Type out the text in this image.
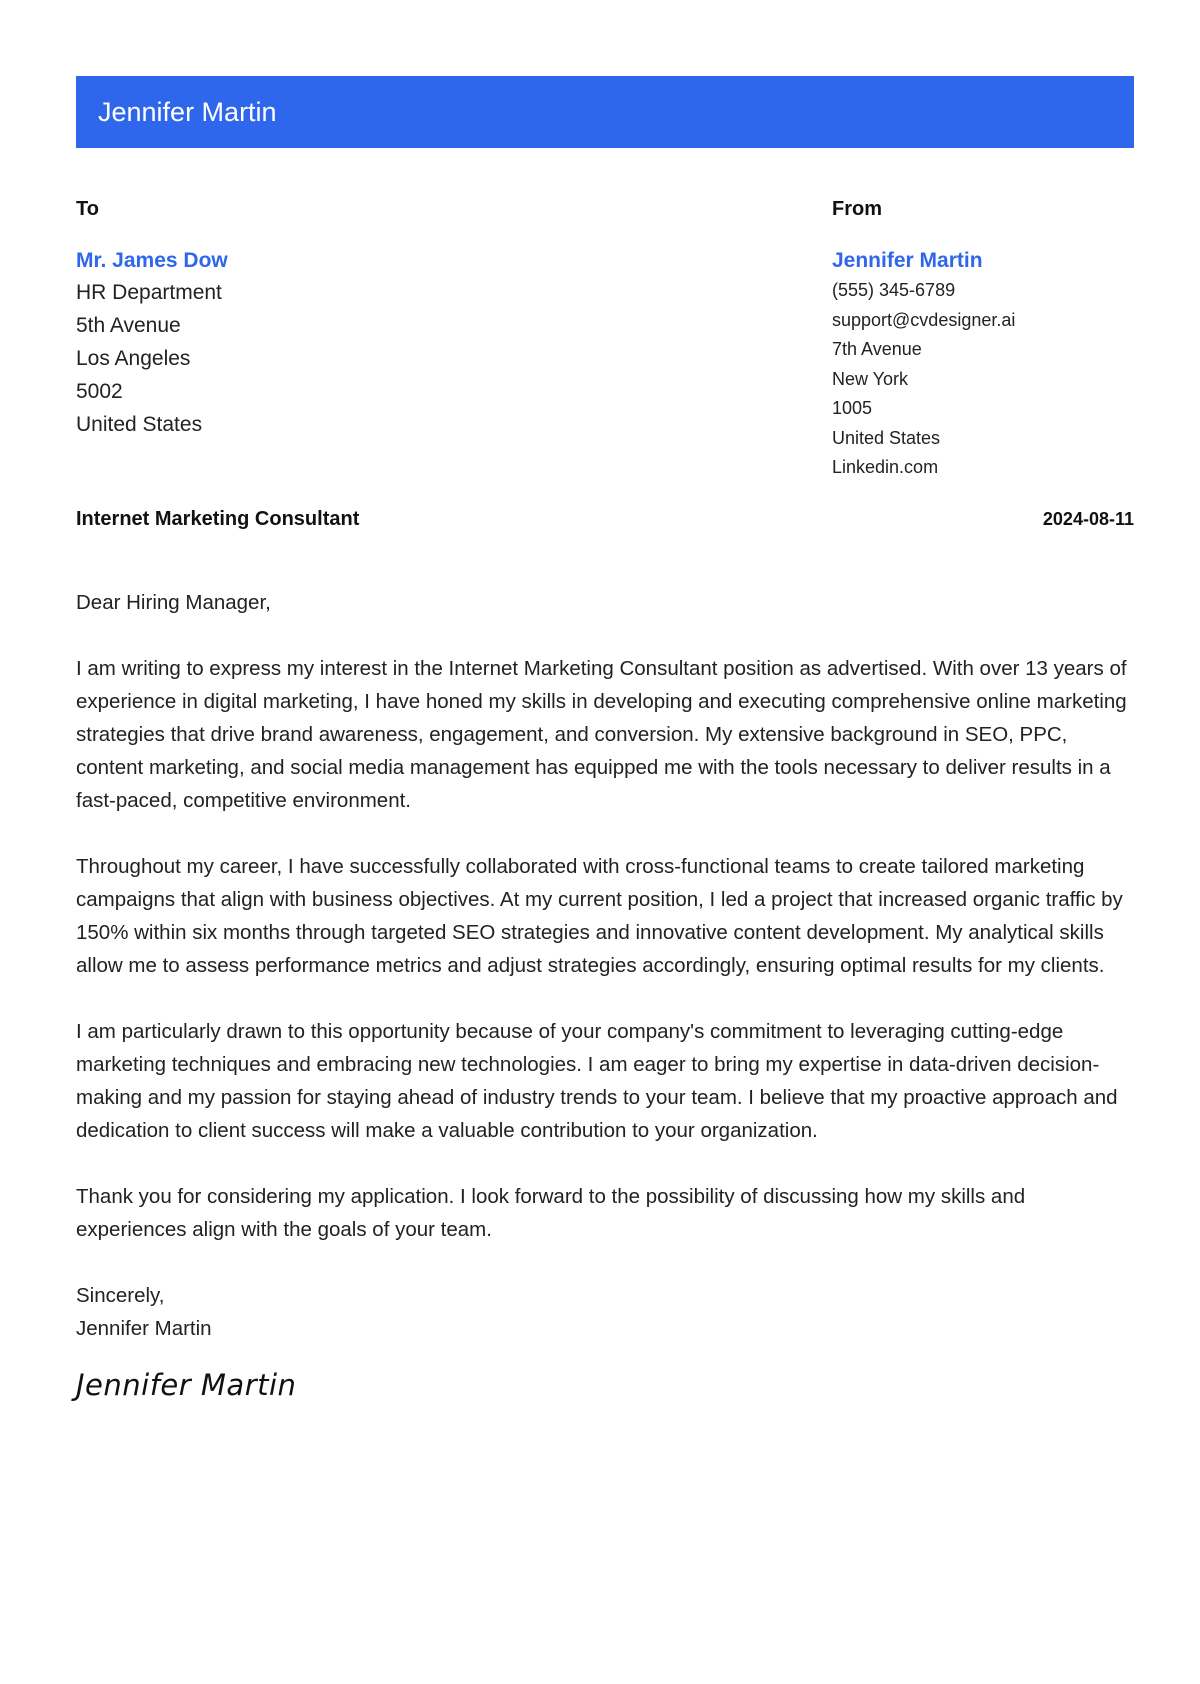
Jennifer Martin
To
Mr. James Dow
HR Department
5th Avenue
Los Angeles
5002
United States
From
Jennifer Martin
(555) 345-6789
support@cvdesigner.ai
7th Avenue
New York
1005
United States
Linkedin.com
Internet Marketing Consultant	2024-08-11
Dear Hiring Manager,

I am writing to express my interest in the Internet Marketing Consultant position as advertised. With over 13 years of experience in digital marketing, I have honed my skills in developing and executing comprehensive online marketing strategies that drive brand awareness, engagement, and conversion. My extensive background in SEO, PPC, content marketing, and social media management has equipped me with the tools necessary to deliver results in a fast-paced, competitive environment.

Throughout my career, I have successfully collaborated with cross-functional teams to create tailored marketing campaigns that align with business objectives. At my current position, I led a project that increased organic traffic by 150% within six months through targeted SEO strategies and innovative content development. My analytical skills allow me to assess performance metrics and adjust strategies accordingly, ensuring optimal results for my clients.

I am particularly drawn to this opportunity because of your company's commitment to leveraging cutting-edge marketing techniques and embracing new technologies. I am eager to bring my expertise in data-driven decision-making and my passion for staying ahead of industry trends to your team. I believe that my proactive approach and dedication to client success will make a valuable contribution to your organization.

Thank you for considering my application. I look forward to the possibility of discussing how my skills and experiences align with the goals of your team.

Sincerely,
Jennifer Martin
Jennifer Martin
